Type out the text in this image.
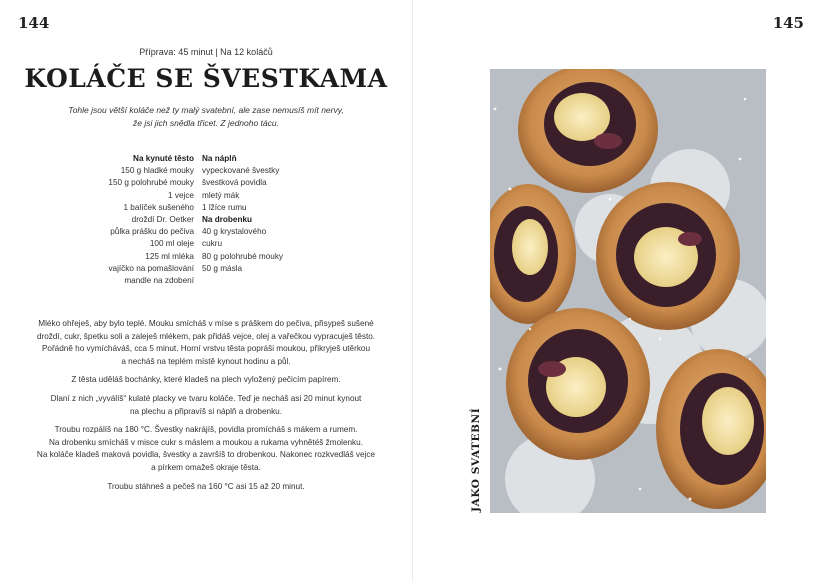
144	145
Příprava: 45 minut | Na 12 koláčů
KOLÁČE SE ŠVESTKAMA
Tohle jsou větší koláče než ty malý svatební, ale zase nemusíš mít nervy,
že jsi jich snědla třicet. Z jednoho tácu.
Na kynuté těsto
150 g hladké mouky
150 g polohrubé mouky
1 vejce
1 balíček sušeného
droždí Dr. Oetker
půlka prášku do pečiva
100 ml oleje
125 ml mléka
vajíčko na pomašlování
mandle na zdobení
Na náplň
vypeckované švestky
švestková povidla
mletý mák
1 lžíce rumu
Na drobenku
40 g krystalového
cukru
80 g polohrubé mouky
50 g másla

Mléko ohřeješ, aby bylo teplé. Mouku smícháš v míse s práškem do pečiva, přisypeš sušené
droždí, cukr, špetku soli a zaleješ mlékem, pak přidáš vejce, olej a vařečkou vypracuješ těsto.
Pořádně ho vymícháváš, cca 5 minut. Horní vrstvu těsta popráši moukou, přikryješ utěrkou
a necháš na teplém místě kynout hodinu a půl.

Z těsta uděláš bochánky, které kladeš na plech vyložený pečicím papírem.

Dlaní z nich „vyválíš“ kulaté placky ve tvaru koláče. Teď je necháš asi 20 minut kynout
na plechu a připravíš si náplň a drobenku.

Troubu rozpálíš na 180 °C. Švestky nakrájíš, povidla promícháš s mákem a rumem.
Na drobenku smícháš v misce cukr s máslem a moukou a rukama vyhnětéš žmolenku.
Na koláče kladeš maková povidla, švestky a završíš to drobenkou. Nakonec rozkvedláš vejce
a pírkem omažeš okraje těsta.

Troubu stáhneš a pečeš na 160 °C asi 15 až 20 minut.	JAKO SVATEBNÍ
